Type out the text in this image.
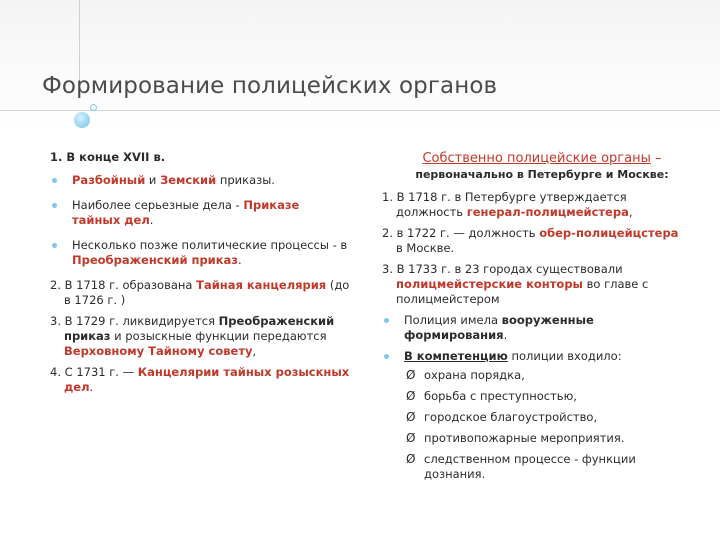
Формирование полицейских органов

1. В конце XVII в.

Разбойный и Земский приказы.

Наиболее серьезные дела - Приказе тайных дел.

Несколько позже политические процессы - в Преображенский приказ.

2. В 1718 г. образована Тайная канцелярия (до в 1726 г. )

3. В 1729 г. ликвидируется Преображенский приказ и розыскные функции передаются Верховному Тайному совету,

4. С 1731 г. — Канцелярии тайных розыскных дел.

Собственно полицейские органы –

первоначально в Петербурге и Москве:

1. В 1718 г. в Петербурге утверждается должность генерал-полицмейстера,

2. в 1722 г. — должность обер-полицейцстера в Москве.

3. В 1733 г. в 23 городах существовали полицмейстерские конторы во главе с полицмейстером

Полиция имела вооруженные формирования.

В компетенцию полиции входило:

Ø охрана порядка,

Ø борьба с преступностью,

Ø городское благоустройство,

Ø противопожарные мероприятия.

Ø следственном процессе - функции дознания.
